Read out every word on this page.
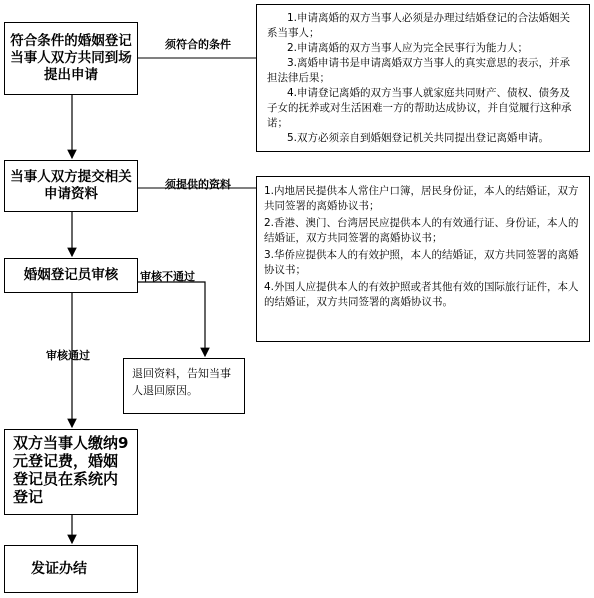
符合条件的婚姻登记当事人双方共同到场提出申请
当事人双方提交相关申请资料
婚姻登记员审核
双方当事人缴纳9元登记费，婚姻登记员在系统内登记
发证办结
须符合的条件
须提供的资料
审核不通过
审核通过

1.申请离婚的双方当事人必须是办理过结婚登记的合法婚姻关系当事人；

2.申请离婚的双方当事人应为完全民事行为能力人；

3.离婚申请书是申请离婚双方当事人的真实意思的表示，并承担法律后果；

4.申请登记离婚的双方当事人就家庭共同财产、债权、债务及子女的抚养或对生活困难一方的帮助达成协议，并自觉履行这种承诺；

5.双方必须亲自到婚姻登记机关共同提出登记离婚申请。

1.内地居民提供本人常住户口簿，居民身份证，本人的结婚证，双方共同签署的离婚协议书；

2.香港、澳门、台湾居民应提供本人的有效通行证、身份证，本人的结婚证，双方共同签署的离婚协议书；

3.华侨应提供本人的有效护照，本人的结婚证，双方共同签署的离婚协议书；

4.外国人应提供本人的有效护照或者其他有效的国际旅行证件，本人的结婚证，双方共同签署的离婚协议书。

退回资料，告知当事人退回原因。
